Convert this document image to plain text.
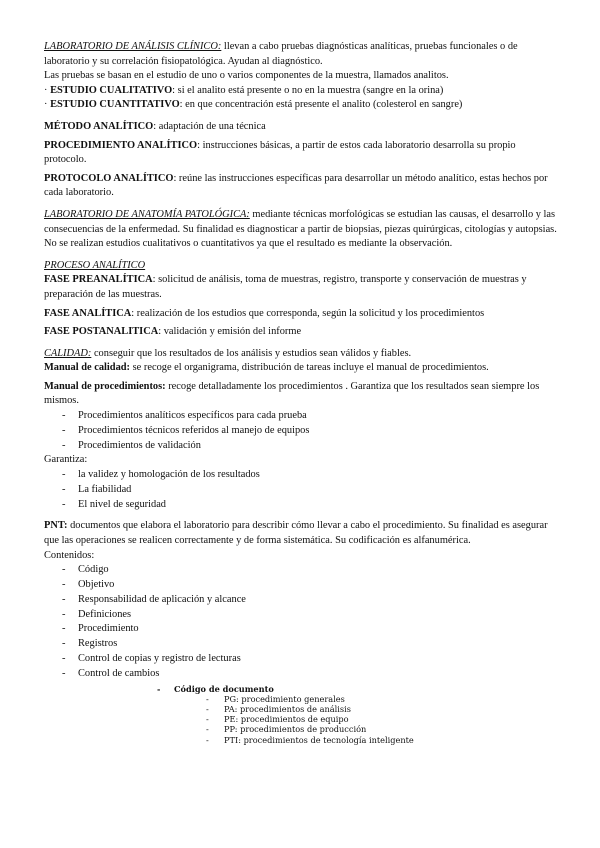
LABORATORIO DE ANÁLISIS CLÍNICO: llevan a cabo pruebas diagnósticas analíticas, pruebas funcionales o de laboratorio y su correlación fisiopatológica. Ayudan al diagnóstico.

Las pruebas se basan en el estudio de uno o varios componentes de la muestra, llamados analitos.

· ESTUDIO CUALITATIVO: si el analito está presente o no en la muestra (sangre en la orina)

· ESTUDIO CUANTITATIVO: en que concentración está presente el analito (colesterol en sangre)

MÉTODO ANALÍTICO: adaptación de una técnica

PROCEDIMIENTO ANALÍTICO: instrucciones básicas, a partir de estos cada laboratorio desarrolla su propio protocolo.

PROTOCOLO ANALÍTICO: reúne las instrucciones específicas para desarrollar un método analítico, estas hechos por cada laboratorio.

LABORATORIO DE ANATOMÍA PATOLÓGICA: mediante técnicas morfológicas se estudian las causas, el desarrollo y las consecuencias de la enfermedad. Su finalidad es diagnosticar a partir de biopsias, piezas quirúrgicas, citologías y autopsias.

No se realizan estudios cualitativos o cuantitativos ya que el resultado es mediante la observación.

PROCESO ANALÍTICO

FASE PREANALÍTICA: solicitud de análisis, toma de muestras, registro, transporte y conservación de muestras y preparación de las muestras.

FASE ANALÍTICA: realización de los estudios que corresponda, según la solicitud y los procedimientos

FASE POSTANALITICA: validación y emisión del informe

CALIDAD: conseguir que los resultados de los análisis y estudios sean válidos y fiables.

Manual de calidad: se recoge el organigrama, distribución de tareas incluye el manual de procedimientos.

Manual de procedimientos: recoge detalladamente los procedimientos . Garantiza que los resultados sean siempre los mismos.

- Procedimientos analíticos específicos para cada prueba
- Procedimientos técnicos referidos al manejo de equipos
- Procedimientos de validación

Garantiza:

- la validez y homologación de los resultados
- La fiabilidad
- El nivel de seguridad

PNT: documentos que elabora el laboratorio para describir cómo llevar a cabo el procedimiento. Su finalidad es asegurar que las operaciones se realicen correctamente y de forma sistemática. Su codificación es alfanumérica.

Contenidos:

- Código
- Objetivo
- Responsabilidad de aplicación y alcance
- Definiciones
- Procedimiento
- Registros
- Control de copias y registro de lecturas
- Control de cambios
- Código de documento
- PG: procedimiento generales
- PA: procedimientos de análisis
- PE: procedimientos de equipo
- PP: procedimientos de producción
- PTI: procedimientos de tecnología inteligente
